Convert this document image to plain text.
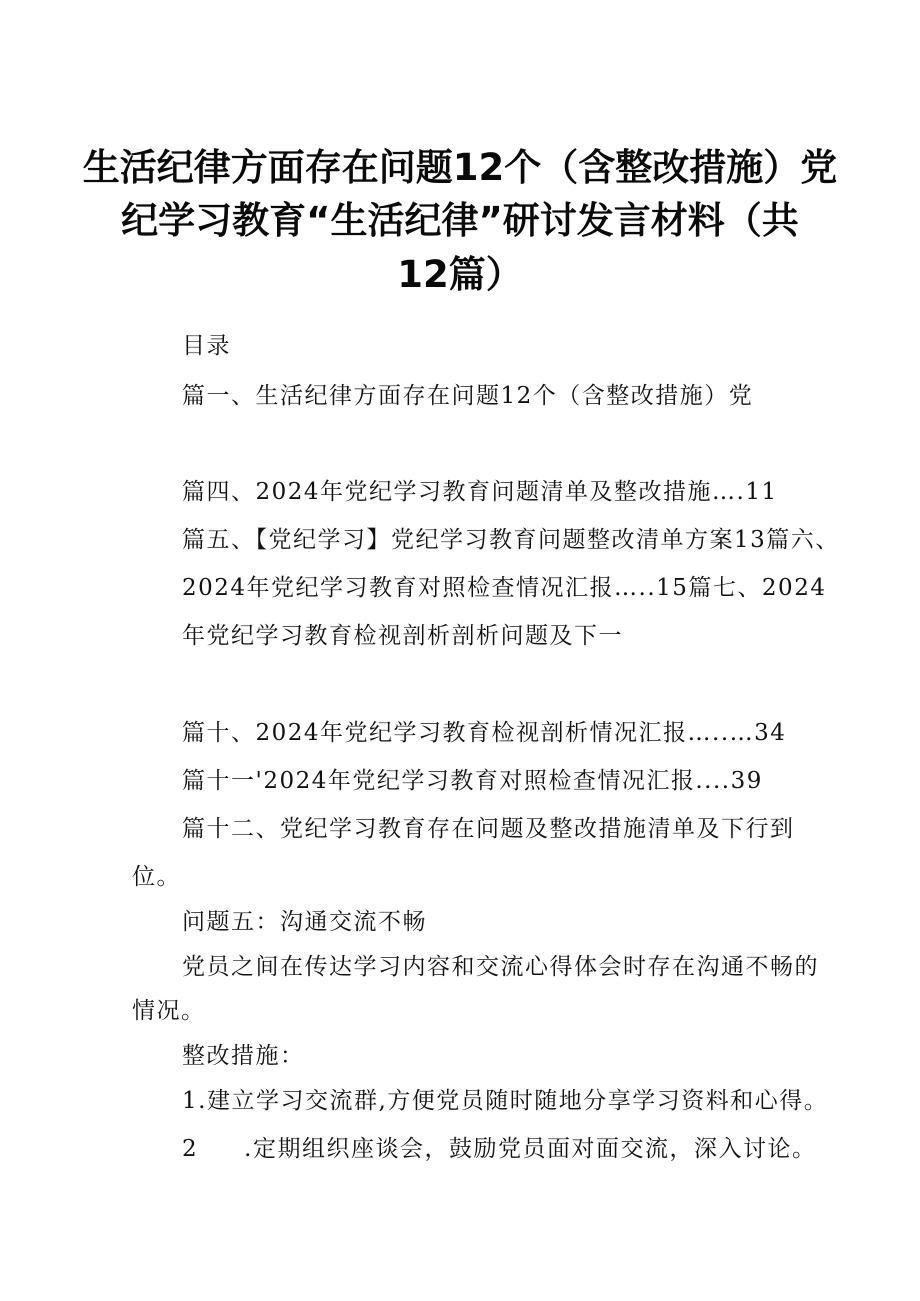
生活纪律方面存在问题12个（含整改措施）党
纪学习教育“生活纪律”研讨发言材料（共
12篇）
目录
篇一、生活纪律方面存在问题12个（含整改措施）党
篇四、2024年党纪学习教育问题清单及整改措施….11
篇五、【党纪学习】党纪学习教育问题整改清单方案13篇六、
2024年党纪学习教育对照检查情况汇报…..15篇七、2024
年党纪学习教育检视剖析剖析问题及下一
篇十、2024年党纪学习教育检视剖析情况汇报…..…34
篇十一'2024年党纪学习教育对照检查情况汇报....39
篇十二、党纪学习教育存在问题及整改措施清单及下行到
位。
问题五：沟通交流不畅
党员之间在传达学习内容和交流心得体会时存在沟通不畅的
情况。
整改措施：
1.建立学习交流群,方便党员随时随地分享学习资料和心得。
2 .定期组织座谈会，鼓励党员面对面交流，深入讨论。
